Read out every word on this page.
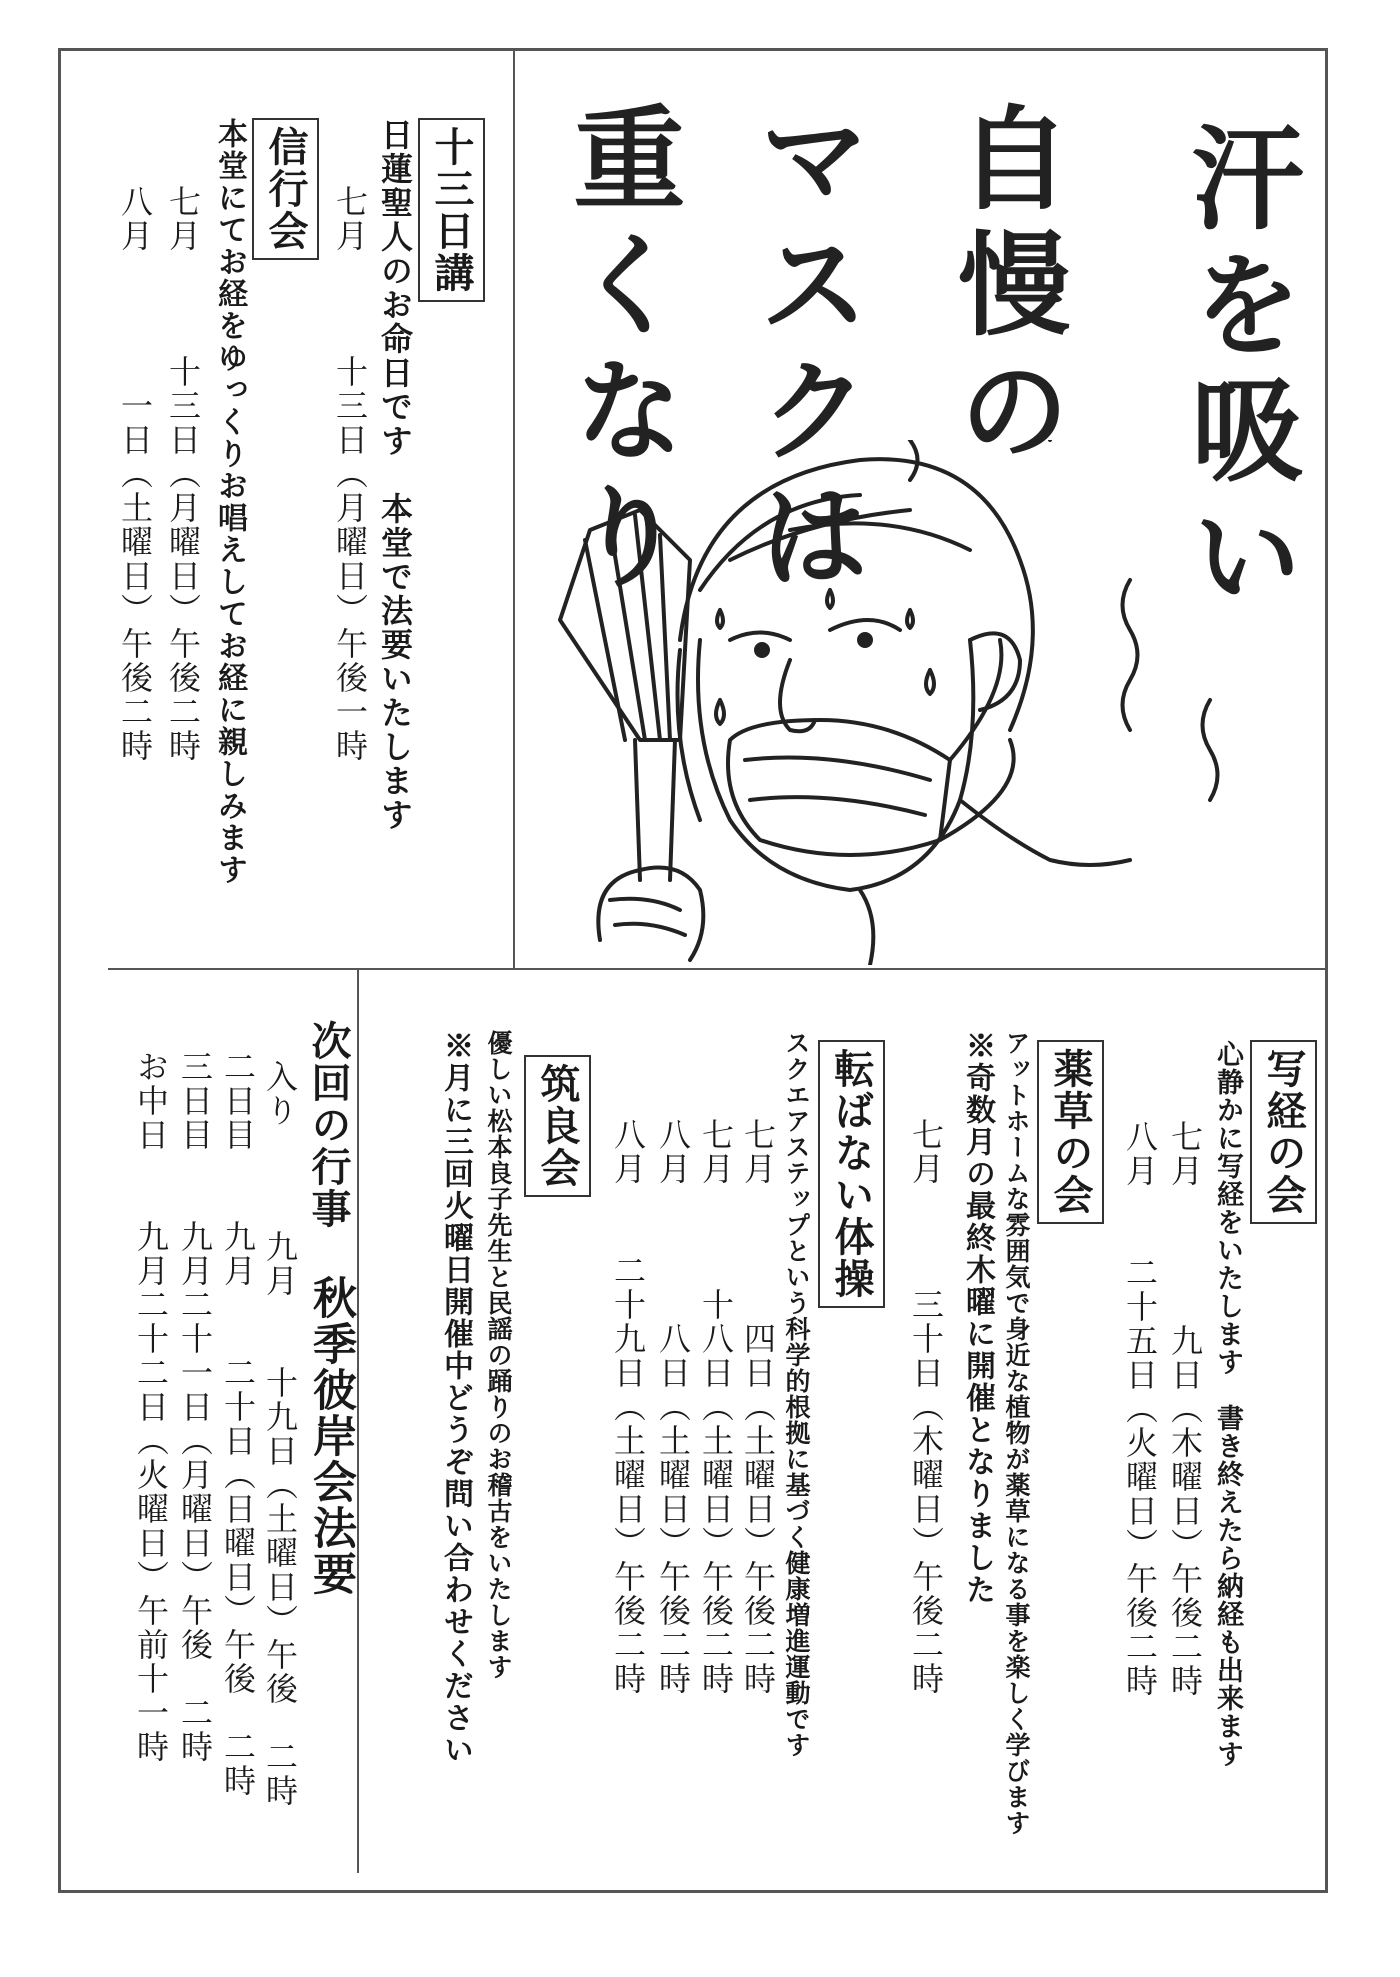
汗を吸い
自慢の
マスクは
重くなり
十三日講
日蓮聖人のお命日です　本堂で法要いたします
七月　　　十三日（月曜日）午後一時
信行会
本堂にてお経をゆっくりお唱えしてお経に親しみます
七月　　　十三日（月曜日）午後二時
八月　　　　一日（土曜日）午後二時
写経の会
心静かに写経をいたします　書き終えたら納経も出来ます
七月　　　　九日（木曜日）午後二時
八月　　二十五日（火曜日）午後二時
薬草の会
アットホームな雰囲気で身近な植物が薬草になる事を楽しく学びます
※奇数月の最終木曜に開催となりました
七月　　　三十日（木曜日）午後二時
転ばない体操
スクエアステップという科学的根拠に基づく健康増進運動です
七月　　　　四日（土曜日）午後二時
七月　　　十八日（土曜日）午後二時
八月　　　　八日（土曜日）午後二時
八月　　二十九日（土曜日）午後二時
筑良会
優しい松本良子先生と民謡の踊りのお稽古をいたします
※月に三回火曜日開催中どうぞ問い合わせください
次回の行事
秋季彼岸会法要
入り　　　九月　　十九日（土曜日）午後　二時
二日目　　九月　　二十日（日曜日）午後　二時
三日目　　九月二十一日（月曜日）午後　二時
お中日　　九月二十二日（火曜日）午前十一時
